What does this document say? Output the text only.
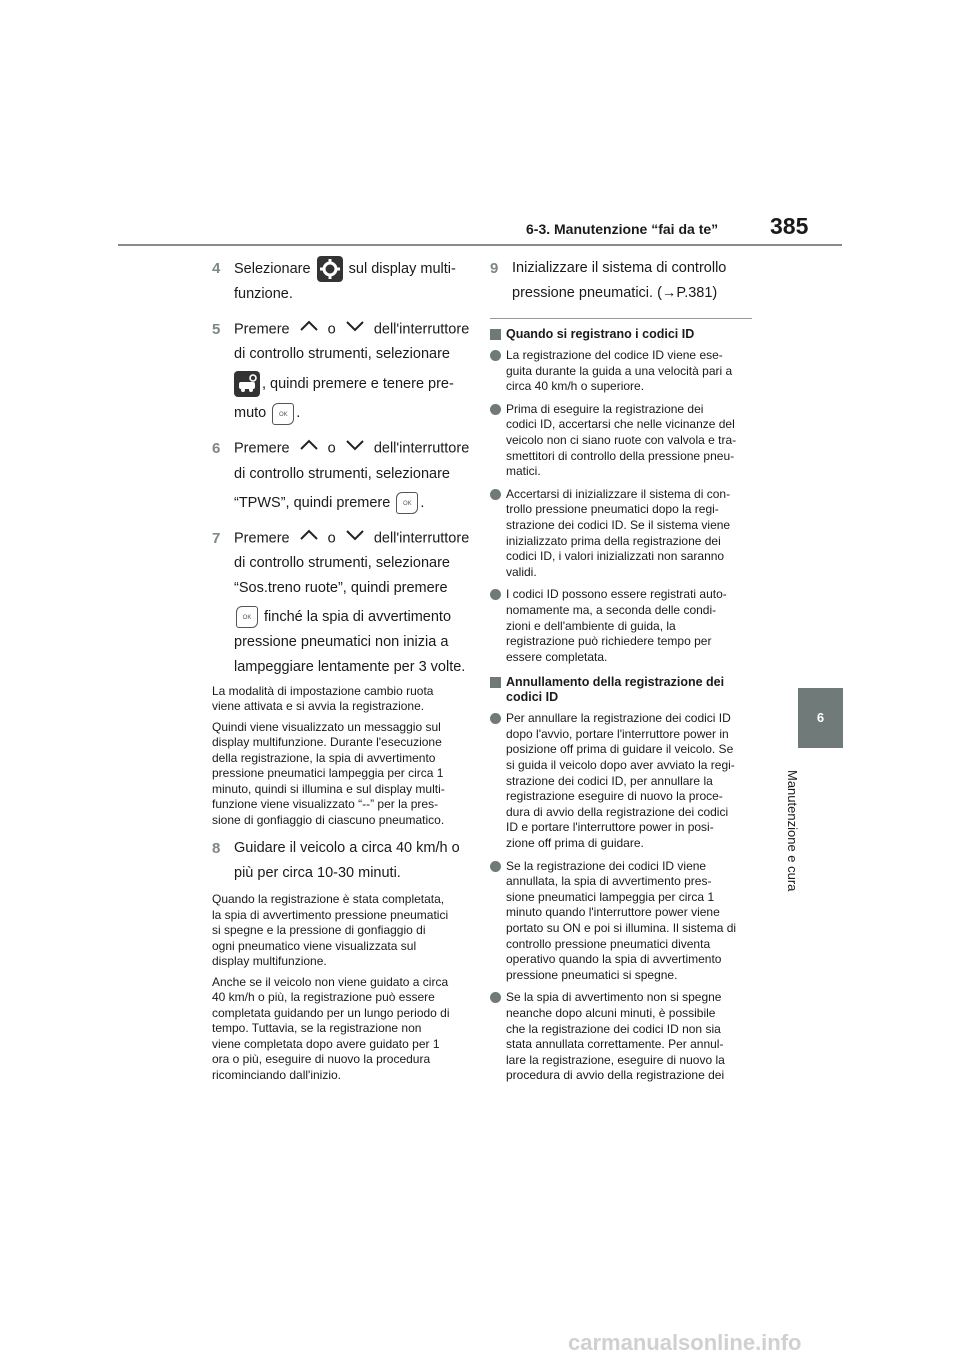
6-3. Manutenzione “fai da te” 385
6
Manutenzione e cura
4 Selezionare	sul display multi-
funzione.
5 Premere	o	dell'interruttore
di controllo strumenti, selezionare
, quindi premere e tenere pre-
muto OK .
6 Premere	o	dell'interruttore
di controllo strumenti, selezionare
“TPWS”, quindi premere OK .
7 Premere	o	dell'interruttore
di controllo strumenti, selezionare
“Sos.treno ruote”, quindi premere
OK finché la spia di avvertimento
pressione pneumatici non inizia a
lampeggiare lentamente per 3 volte.
La modalità di impostazione cambio ruota
viene attivata e si avvia la registrazione.
Quindi viene visualizzato un messaggio sul
display multifunzione. Durante l'esecuzione
della registrazione, la spia di avvertimento
pressione pneumatici lampeggia per circa 1
minuto, quindi si illumina e sul display multi-
funzione viene visualizzato “--” per la pres-
sione di gonfiaggio di ciascuno pneumatico.
8 Guidare il veicolo a circa 40 km/h o
più per circa 10-30 minuti.
Quando la registrazione è stata completata,
la spia di avvertimento pressione pneumatici
si spegne e la pressione di gonfiaggio di
ogni pneumatico viene visualizzata sul
display multifunzione.
Anche se il veicolo non viene guidato a circa
40 km/h o più, la registrazione può essere
completata guidando per un lungo periodo di
tempo. Tuttavia, se la registrazione non
viene completata dopo avere guidato per 1
ora o più, eseguire di nuovo la procedura
ricominciando dall'inizio.
9 Inizializzare il sistema di controllo
pressione pneumatici. (→P.381)
Quando si registrano i codici ID
La registrazione del codice ID viene ese-
guita durante la guida a una velocità pari a
circa 40 km/h o superiore.
Prima di eseguire la registrazione dei
codici ID, accertarsi che nelle vicinanze del
veicolo non ci siano ruote con valvola e tra-
smettitori di controllo della pressione pneu-
matici.
Accertarsi di inizializzare il sistema di con-
trollo pressione pneumatici dopo la regi-
strazione dei codici ID. Se il sistema viene
inizializzato prima della registrazione dei
codici ID, i valori inizializzati non saranno
validi.
I codici ID possono essere registrati auto-
nomamente ma, a seconda delle condi-
zioni e dell'ambiente di guida, la
registrazione può richiedere tempo per
essere completata.
Annullamento della registrazione dei
codici ID
Per annullare la registrazione dei codici ID
dopo l'avvio, portare l'interruttore power in
posizione off prima di guidare il veicolo. Se
si guida il veicolo dopo aver avviato la regi-
strazione dei codici ID, per annullare la
registrazione eseguire di nuovo la proce-
dura di avvio della registrazione dei codici
ID e portare l'interruttore power in posi-
zione off prima di guidare.
Se la registrazione dei codici ID viene
annullata, la spia di avvertimento pres-
sione pneumatici lampeggia per circa 1
minuto quando l'interruttore power viene
portato su ON e poi si illumina. Il sistema di
controllo pressione pneumatici diventa
operativo quando la spia di avvertimento
pressione pneumatici si spegne.
Se la spia di avvertimento non si spegne
neanche dopo alcuni minuti, è possibile
che la registrazione dei codici ID non sia
stata annullata correttamente. Per annul-
lare la registrazione, eseguire di nuovo la
procedura di avvio della registrazione dei
carmanualsonline.info
